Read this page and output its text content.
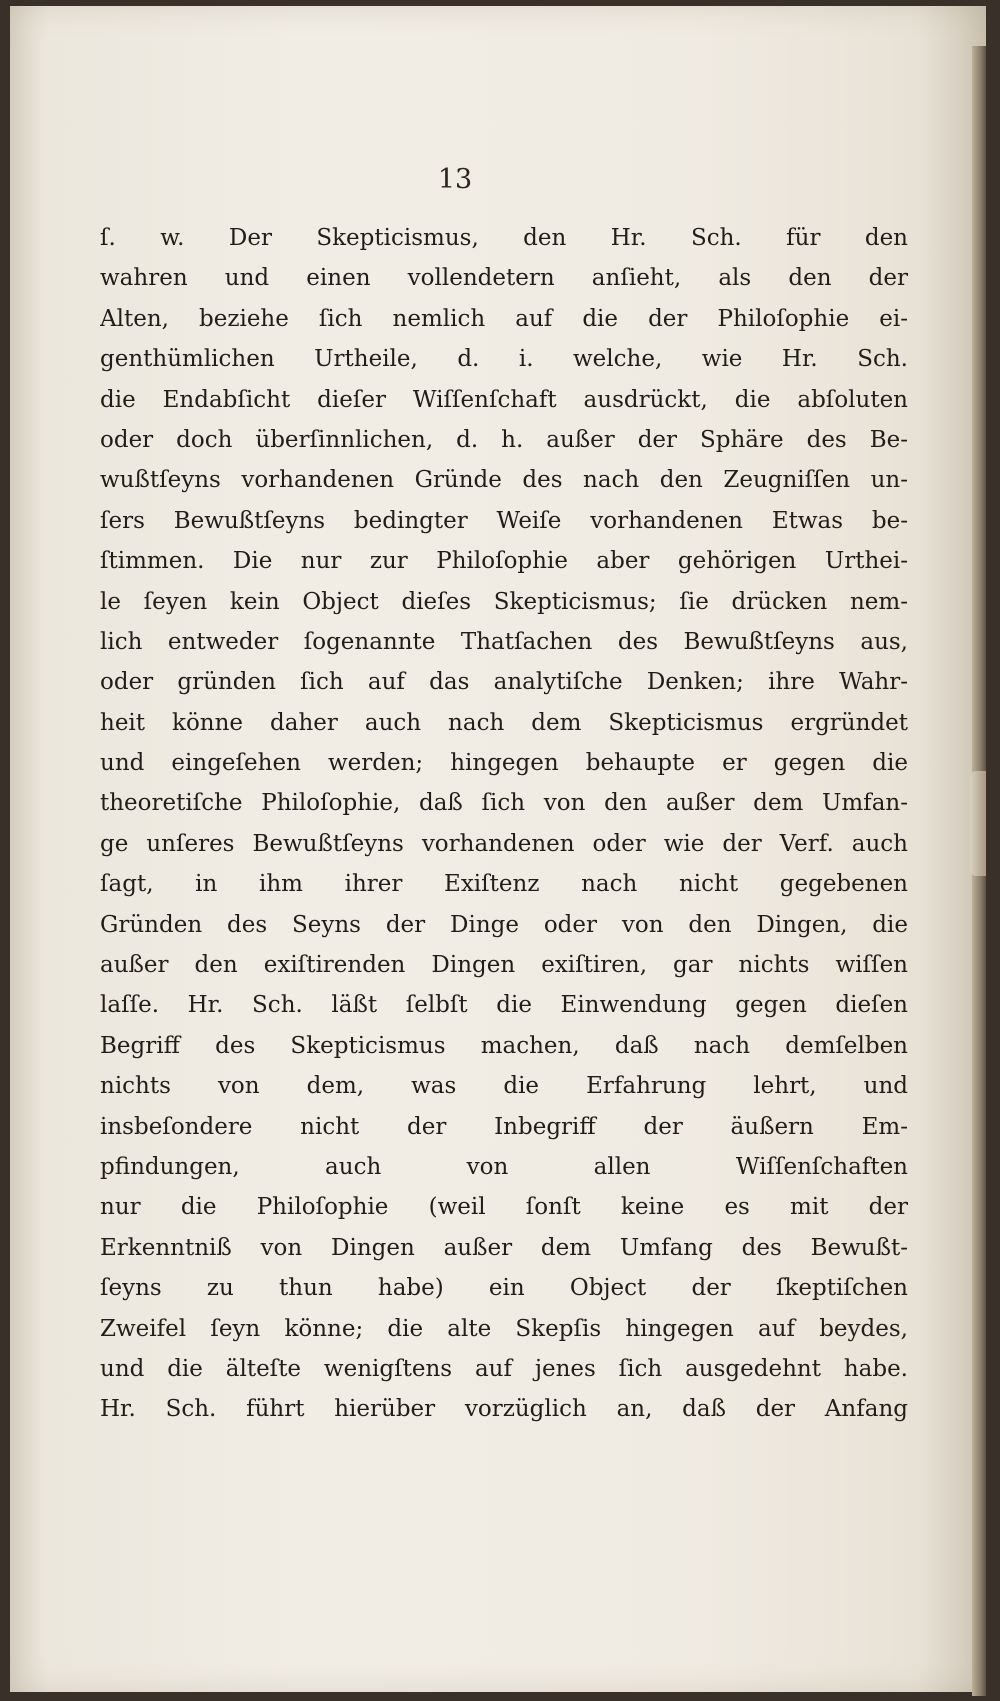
13
ſ. w. Der Skepticismus, den Hr. Sch. für den
wahren und einen vollendetern anſieht, als den der
Alten, beziehe ſich nemlich auf die der Philoſophie ei-
genthümlichen Urtheile, d. i. welche, wie Hr. Sch.
die Endabſicht dieſer Wiſſenſchaft ausdrückt, die abſoluten
oder doch überſinnlichen, d. h. außer der Sphäre des Be-
wußtſeyns vorhandenen Gründe des nach den Zeugniſſen un-
ſers Bewußtſeyns bedingter Weiſe vorhandenen Etwas be-
ſtimmen. Die nur zur Philoſophie aber gehörigen Urthei-
le ſeyen kein Object dieſes Skepticismus; ſie drücken nem-
lich entweder ſogenannte Thatſachen des Bewußtſeyns aus,
oder gründen ſich auf das analytiſche Denken; ihre Wahr-
heit könne daher auch nach dem Skepticismus ergründet
und eingeſehen werden; hingegen behaupte er gegen die
theoretiſche Philoſophie, daß ſich von den außer dem Umfan-
ge unſeres Bewußtſeyns vorhandenen oder wie der Verf. auch
ſagt, in ihm ihrer Exiſtenz nach nicht gegebenen
Gründen des Seyns der Dinge oder von den Dingen, die
außer den exiſtirenden Dingen exiſtiren, gar nichts wiſſen
laſſe. Hr. Sch. läßt ſelbſt die Einwendung gegen dieſen
Begriff des Skepticismus machen, daß nach demſelben
nichts von dem, was die Erfahrung lehrt, und
insbeſondere nicht der Inbegriff der äußern Em-
pfindungen, auch von allen Wiſſenſchaften
nur die Philoſophie (weil ſonſt keine es mit der
Erkenntniß von Dingen außer dem Umfang des Bewußt-
ſeyns zu thun habe) ein Object der ſkeptiſchen
Zweifel ſeyn könne; die alte Skepſis hingegen auf beydes,
und die älteſte wenigſtens auf jenes ſich ausgedehnt habe.
Hr. Sch. führt hierüber vorzüglich an, daß der Anfang
